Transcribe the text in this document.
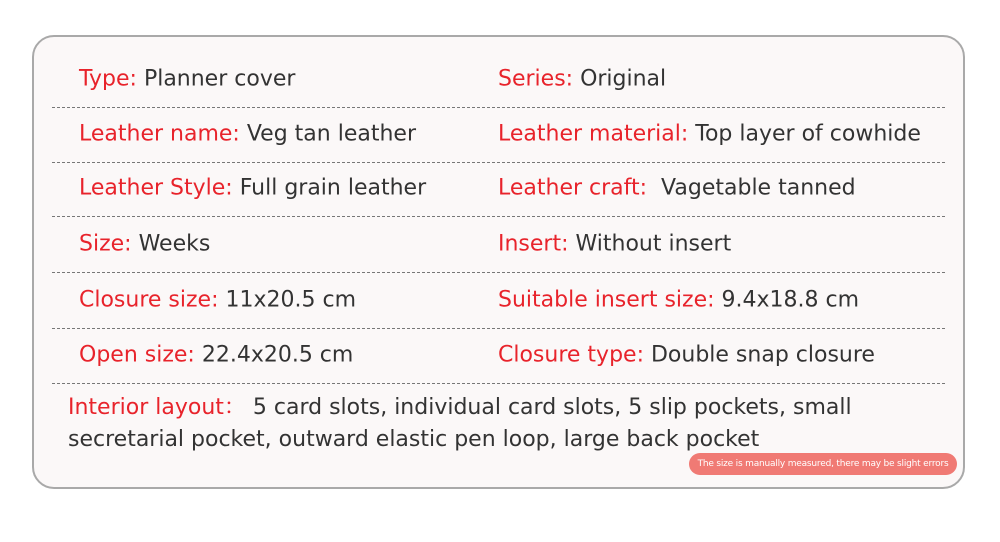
Type: Planner cover	Series: Original
Leather name: Veg tan leather	Leather material: Top layer of cowhide
Leather Style: Full grain leather	Leather craft:  Vagetable tanned
Size: Weeks	Insert: Without insert
Closure size: 11x20.5 cm	Suitable insert size: 9.4x18.8 cm
Open size: 22.4x20.5 cm	Closure type: Double snap closure
Interior layout： 5 card slots, individual card slots, 5 slip pockets, small secretarial pocket, outward elastic pen loop, large back pocket
The size is manually measured, there may be slight errors
